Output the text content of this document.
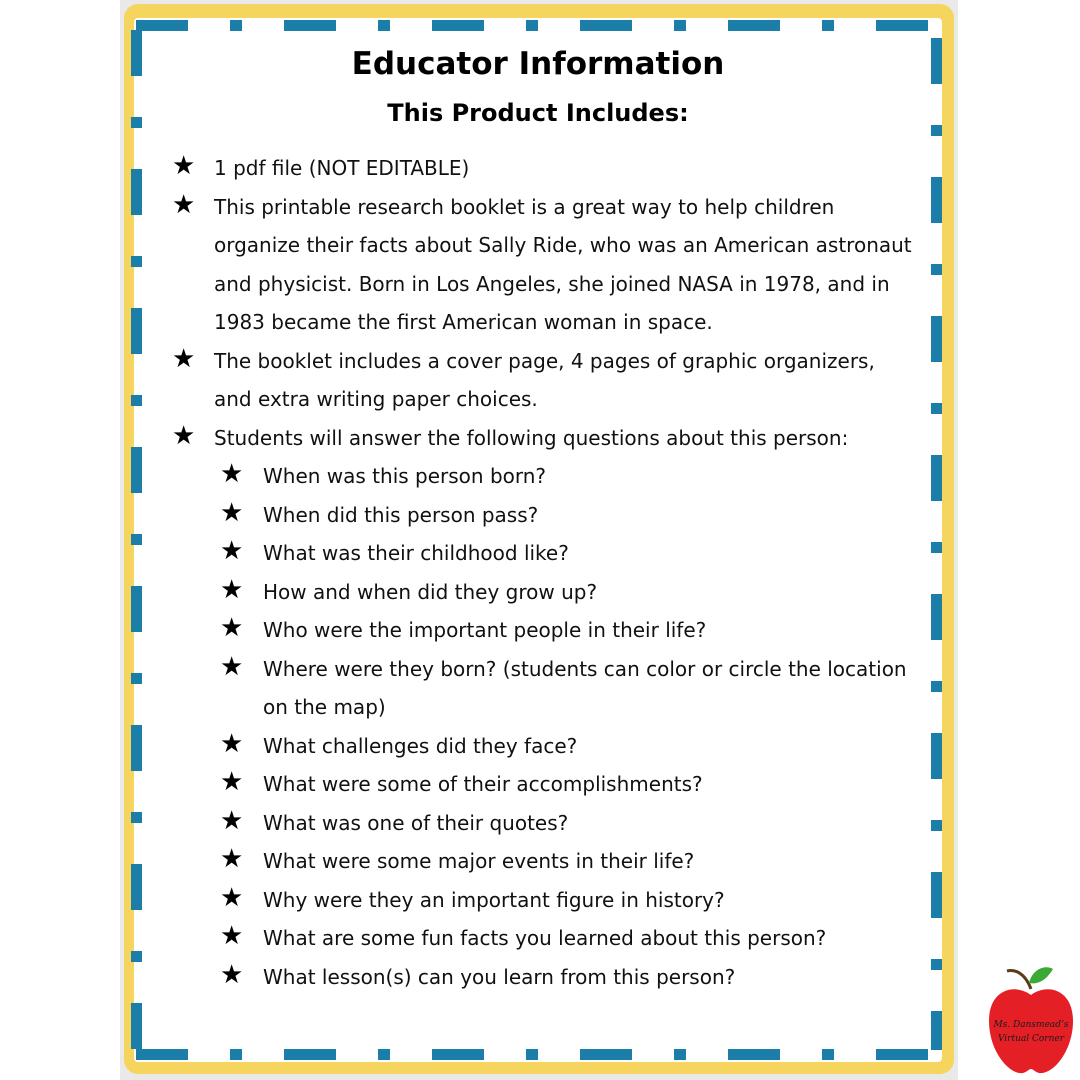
Educator Information
This Product Includes:
★ 1 pdf file (NOT EDITABLE)
★ This printable research booklet is a great way to help children organize their facts about Sally Ride, who was an American astronaut and physicist. Born in Los Angeles, she joined NASA in 1978, and in 1983 became the first American woman in space.
★ The booklet includes a cover page, 4 pages of graphic organizers, and extra writing paper choices.
★ Students will answer the following questions about this person:
★ When was this person born?
★ When did this person pass?
★ What was their childhood like?
★ How and when did they grow up?
★ Who were the important people in their life?
★ Where were they born? (students can color or circle the location on the map)
★ What challenges did they face?
★ What were some of their accomplishments?
★ What was one of their quotes?
★ What were some major events in their life?
★ Why were they an important figure in history?
★ What are some fun facts you learned about this person?
★ What lesson(s) can you learn from this person?
Ms. Dansmeadʼs
Virtual Corner
